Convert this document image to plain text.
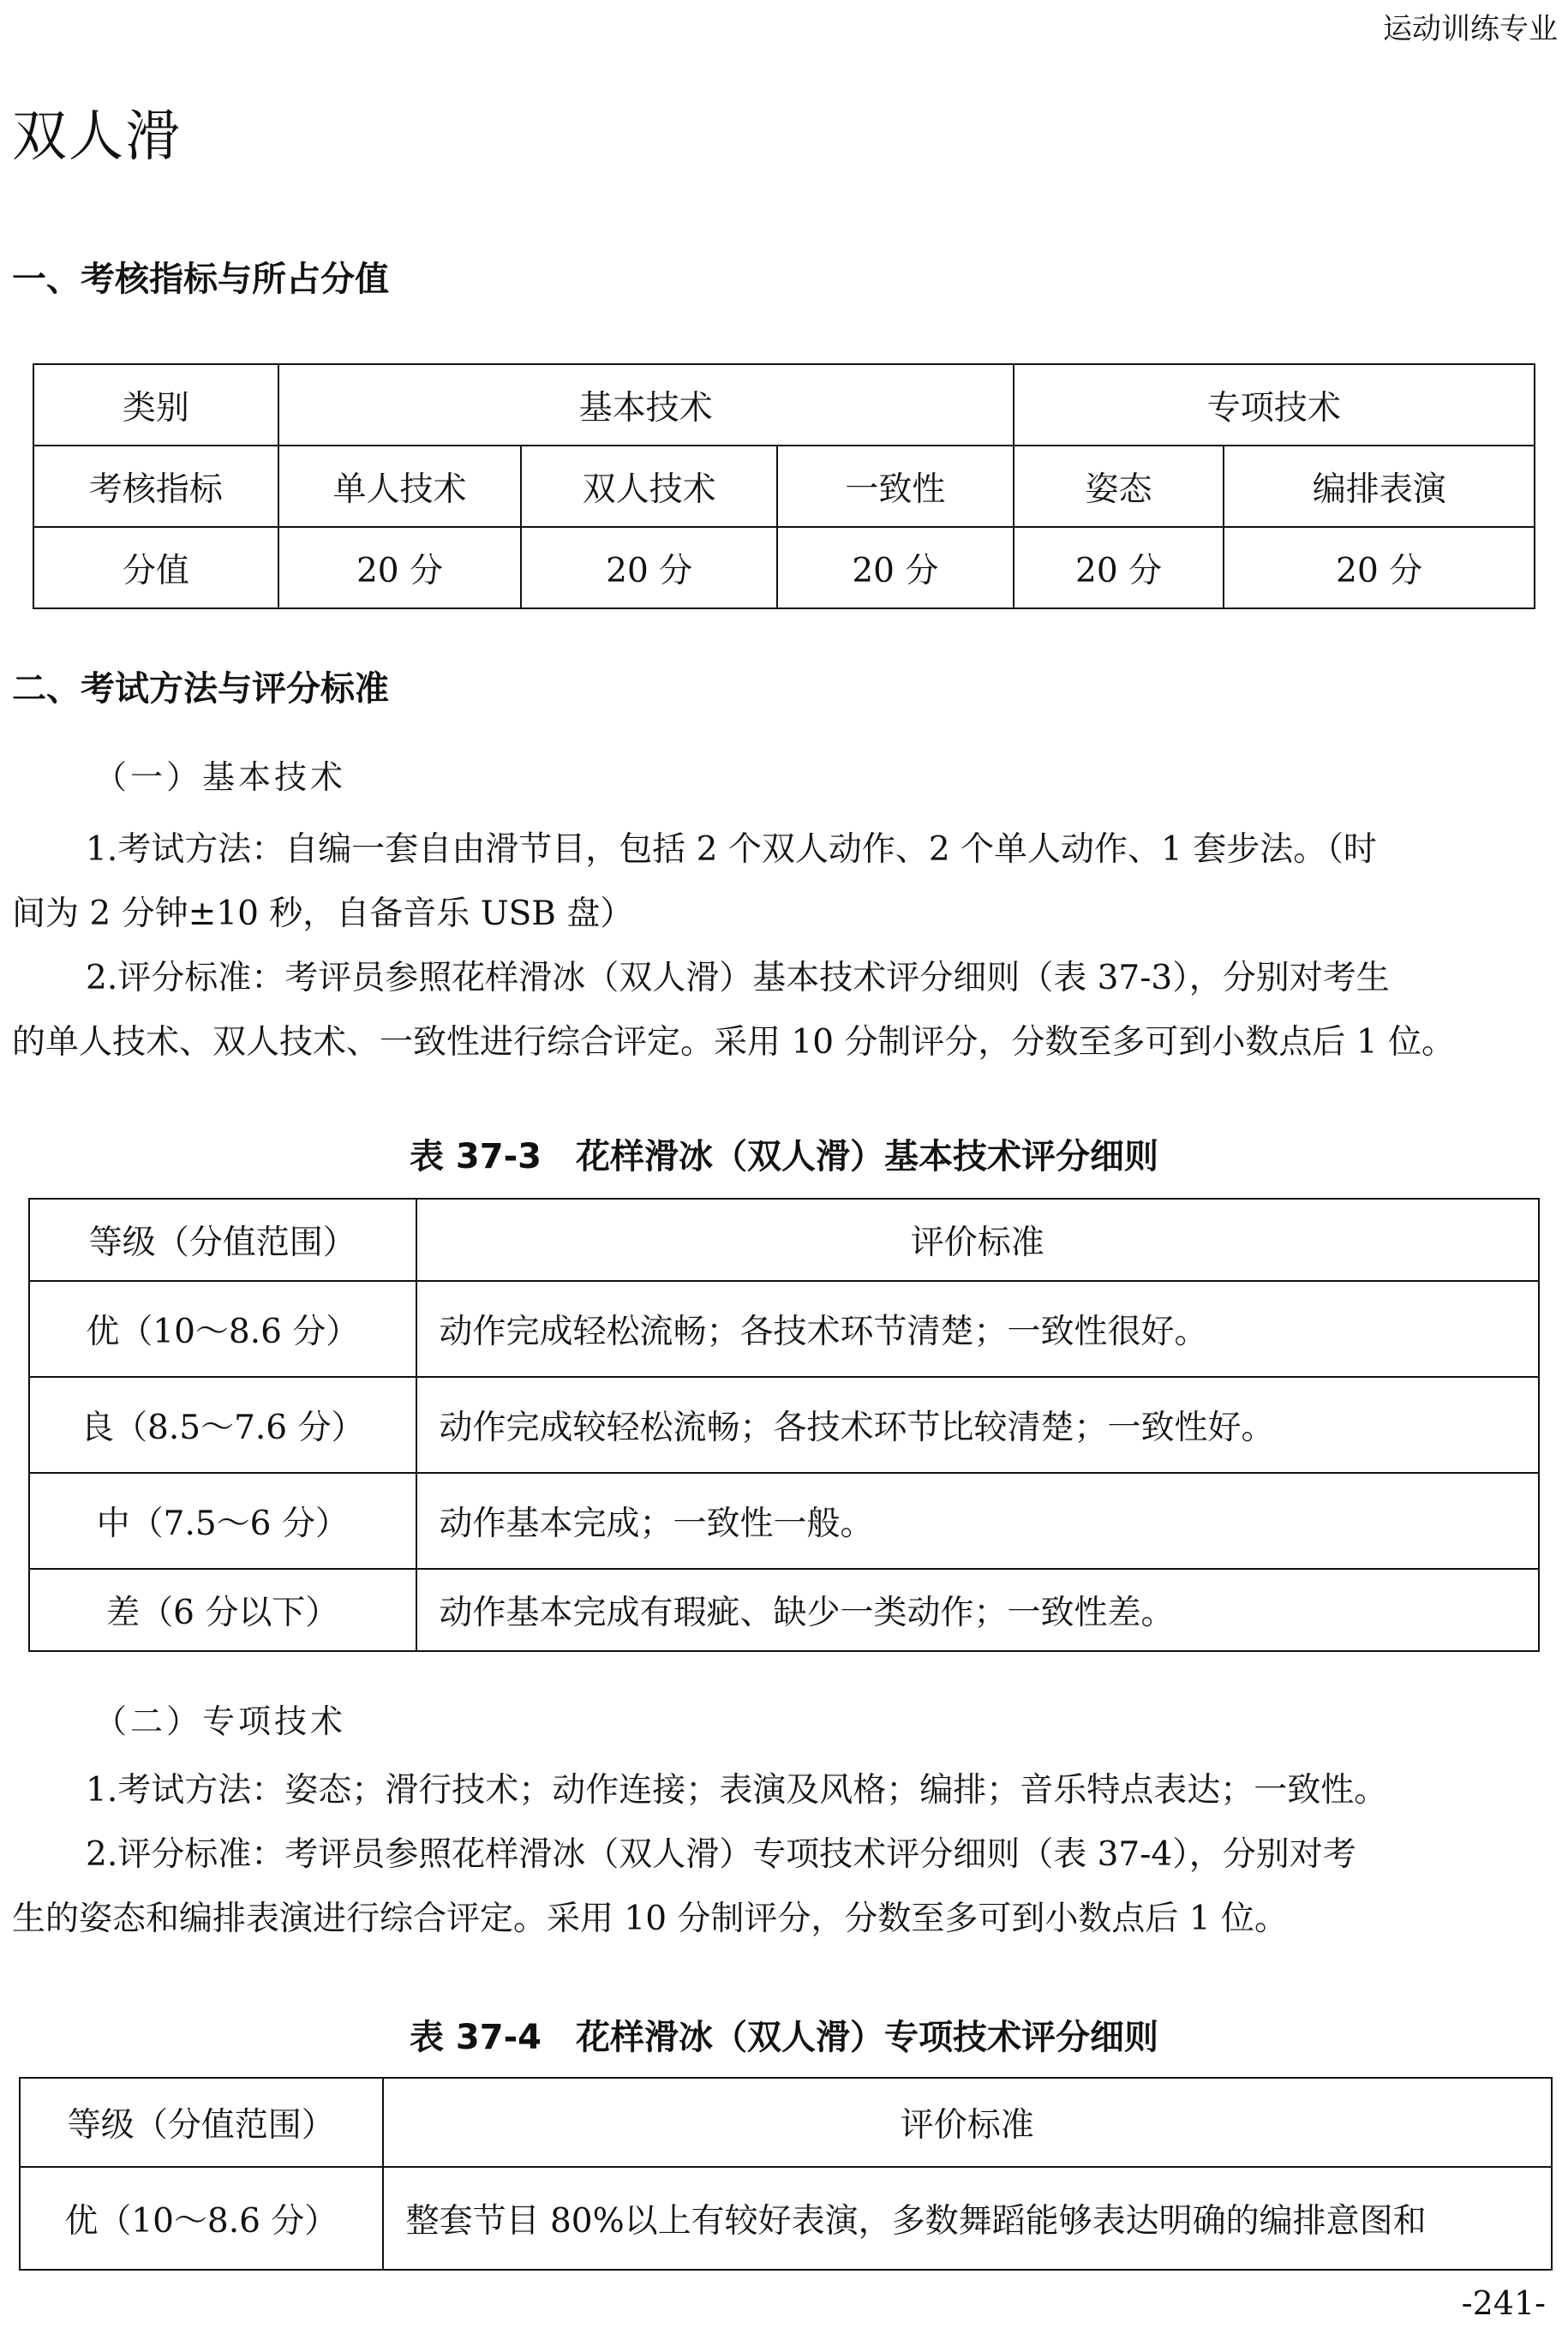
运动训练专业
双人滑
一、考核指标与所占分值
类别	基本技术			专项技术	
考核指标	单人技术	双人技术	一致性	姿态	编排表演
分值	20 分	20 分	20 分	20 分	20 分
二、考试方法与评分标准
（一）基本技术
1.考试方法：自编一套自由滑节目，包括 2 个双人动作、2 个单人动作、1 套步法。（时
间为 2 分钟±10 秒，自备音乐 USB 盘）
2.评分标准：考评员参照花样滑冰（双人滑）基本技术评分细则（表 37-3），分别对考生
的单人技术、双人技术、一致性进行综合评定。采用 10 分制评分，分数至多可到小数点后 1 位。
表 37-3　花样滑冰（双人滑）基本技术评分细则
等级（分值范围）	评价标准
优（10～8.6 分）	动作完成轻松流畅；各技术环节清楚；一致性很好。
良（8.5～7.6 分）	动作完成较轻松流畅；各技术环节比较清楚；一致性好。
中（7.5～6 分）	动作基本完成；一致性一般。
差（6 分以下）	动作基本完成有瑕疵、缺少一类动作；一致性差。
（二）专项技术
1.考试方法：姿态；滑行技术；动作连接；表演及风格；编排；音乐特点表达；一致性。
2.评分标准：考评员参照花样滑冰（双人滑）专项技术评分细则（表 37-4），分别对考
生的姿态和编排表演进行综合评定。采用 10 分制评分，分数至多可到小数点后 1 位。
表 37-4　花样滑冰（双人滑）专项技术评分细则
等级（分值范围）	评价标准
优（10～8.6 分）	整套节目 80%以上有较好表演，多数舞蹈能够表达明确的编排意图和
-241-
